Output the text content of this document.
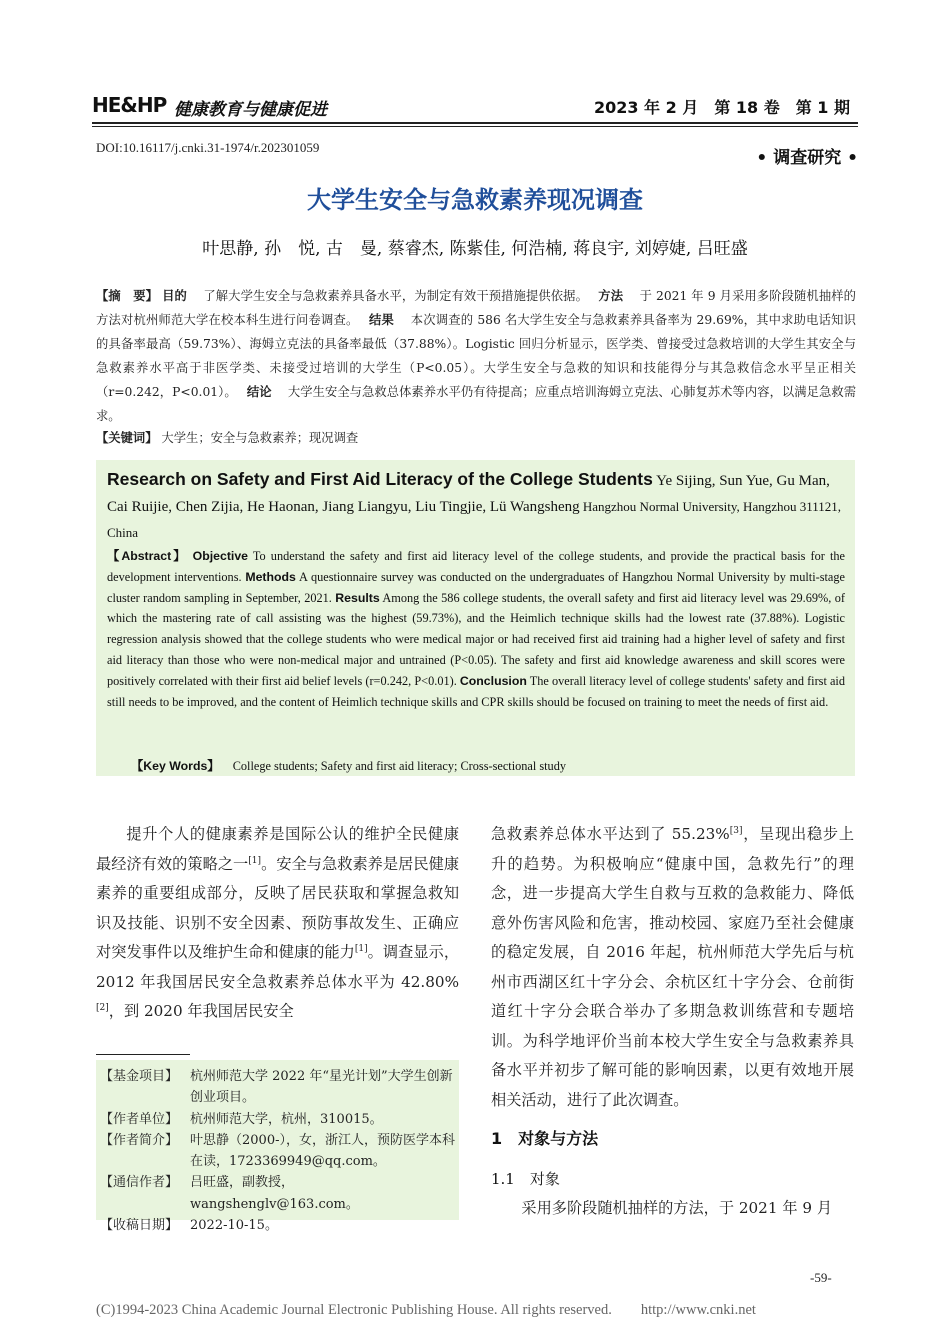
HE&HP 健康教育与健康促进	2023 年 2 月　第 18 卷　第 1 期
DOI:10.16117/j.cnki.31-1974/r.202301059
• 调查研究 •
大学生安全与急救素养现况调查
叶思静, 孙　悦, 古　曼, 蔡睿杰, 陈紫佳, 何浩楠, 蒋良宇, 刘婷婕, 吕旺盛

【摘　要】 目的　 了解大学生安全与急救素养具备水平，为制定有效干预措施提供依据。　 方法　 于 2021 年 9 月采用多阶段随机抽样的方法对杭州师范大学在校本科生进行问卷调查。　 结果　 本次调查的 586 名大学生安全与急救素养具备率为 29.69%，其中求助电话知识的具备率最高（59.73%）、海姆立克法的具备率最低（37.88%）。Logistic 回归分析显示，医学类、曾接受过急救培训的大学生其安全与急救素养水平高于非医学类、未接受过培训的大学生（P<0.05）。大学生安全与急救的知识和技能得分与其急救信念水平呈正相关（r=0.242，P<0.01）。　 结论　 大学生安全与急救总体素养水平仍有待提高；应重点培训海姆立克法、心肺复苏术等内容，以满足急救需求。

【关键词】 大学生；安全与急救素养；现况调查
Research on Safety and First Aid Literacy of the College Students Ye Sijing, Sun Yue, Gu Man, Cai Ruijie, Chen Zijia, He Haonan, Jiang Liangyu, Liu Tingjie, Lü Wangsheng Hangzhou Normal University, Hangzhou 311121, China
【Abstract】 Objective To understand the safety and first aid literacy level of the college students, and provide the practical basis for the development interventions. Methods A questionnaire survey was conducted on the undergraduates of Hangzhou Normal University by multi-stage cluster random sampling in September, 2021. Results Among the 586 college students, the overall safety and first aid literacy level was 29.69%, of which the mastering rate of call assisting was the highest (59.73%), and the Heimlich technique skills had the lowest rate (37.88%). Logistic regression analysis showed that the college students who were medical major or had received first aid training had a higher level of safety and first aid literacy than those who were non-medical major and untrained (P<0.05). The safety and first aid knowledge awareness and skill scores were positively correlated with their first aid belief levels (r=0.242, P<0.01). Conclusion The overall literacy level of college students' safety and first aid still needs to be improved, and the content of Heimlich technique skills and CPR skills should be focused on training to meet the needs of first aid.
【Key Words】 College students; Safety and first aid literacy; Cross-sectional study
提升个人的健康素养是国际公认的维护全民健康最经济有效的策略之一[1]。安全与急救素养是居民健康素养的重要组成部分，反映了居民获取和掌握急救知识及技能、识别不安全因素、预防事故发生、正确应对突发事件以及维护生命和健康的能力[1]。调查显示，2012 年我国居民安全急救素养总体水平为 42.80%[2]，到 2020 年我国居民安全
急救素养总体水平达到了 55.23%[3]，呈现出稳步上升的趋势。为积极响应“健康中国，急救先行”的理念，进一步提高大学生自救与互救的急救能力、降低意外伤害风险和危害，推动校园、家庭乃至社会健康的稳定发展，自 2016 年起，杭州师范大学先后与杭州市西湖区红十字分会、余杭区红十字分会、仓前街道红十字分会联合举办了多期急救训练营和专题培训。为科学地评价当前本校大学生安全与急救素养具备水平并初步了解可能的影响因素，以更有效地开展相关活动，进行了此次调查。
1　对象与方法
1.1　对象
采用多阶段随机抽样的方法，于 2021 年 9 月
【基金项目】 杭州师范大学 2022 年“星光计划”大学生创新创业项目。
【作者单位】 杭州师范大学，杭州，310015。
【作者简介】 叶思静（2000-），女，浙江人，预防医学本科在读，1723369949@qq.com。
【通信作者】 吕旺盛，副教授，wangshenglv@163.com。
【收稿日期】 2022-10-15。
-59-
(C)1994-2023 China Academic Journal Electronic Publishing House. All rights reserved.　　http://www.cnki.net
